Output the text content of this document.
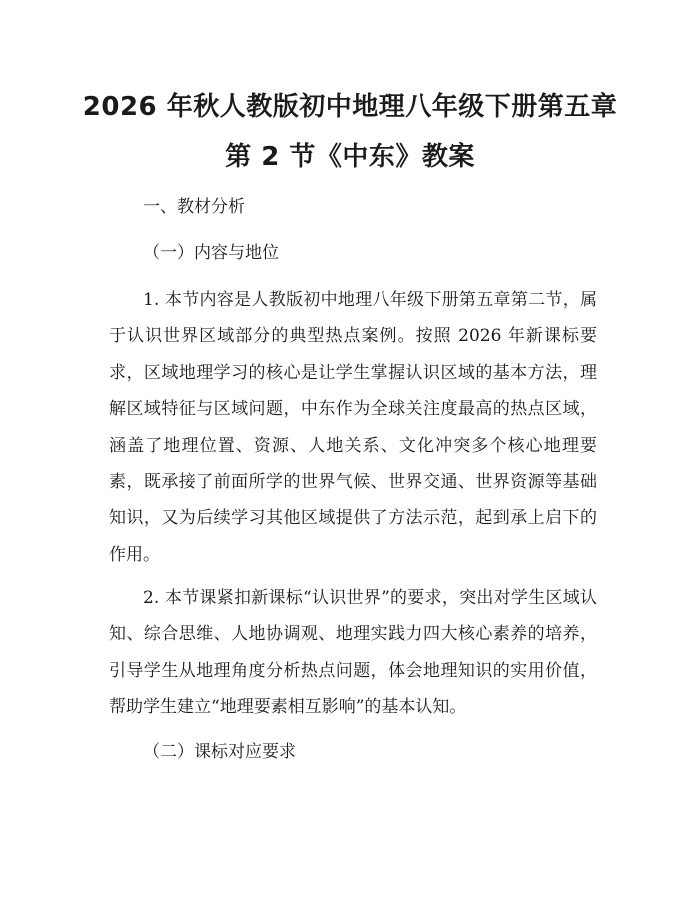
2026 年秋人教版初中地理八年级下册第五章
第 2 节《中东》教案
一、教材分析
（一）内容与地位
1. 本节内容是人教版初中地理八年级下册第五章第二节，属于认识世界区域部分的典型热点案例。按照 2026 年新课标要求，区域地理学习的核心是让学生掌握认识区域的基本方法，理解区域特征与区域问题，中东作为全球关注度最高的热点区域，涵盖了地理位置、资源、人地关系、文化冲突多个核心地理要素，既承接了前面所学的世界气候、世界交通、世界资源等基础知识，又为后续学习其他区域提供了方法示范，起到承上启下的作用。
2. 本节课紧扣新课标“认识世界”的要求，突出对学生区域认知、综合思维、人地协调观、地理实践力四大核心素养的培养，引导学生从地理角度分析热点问题，体会地理知识的实用价值，帮助学生建立“地理要素相互影响”的基本认知。
（二）课标对应要求
